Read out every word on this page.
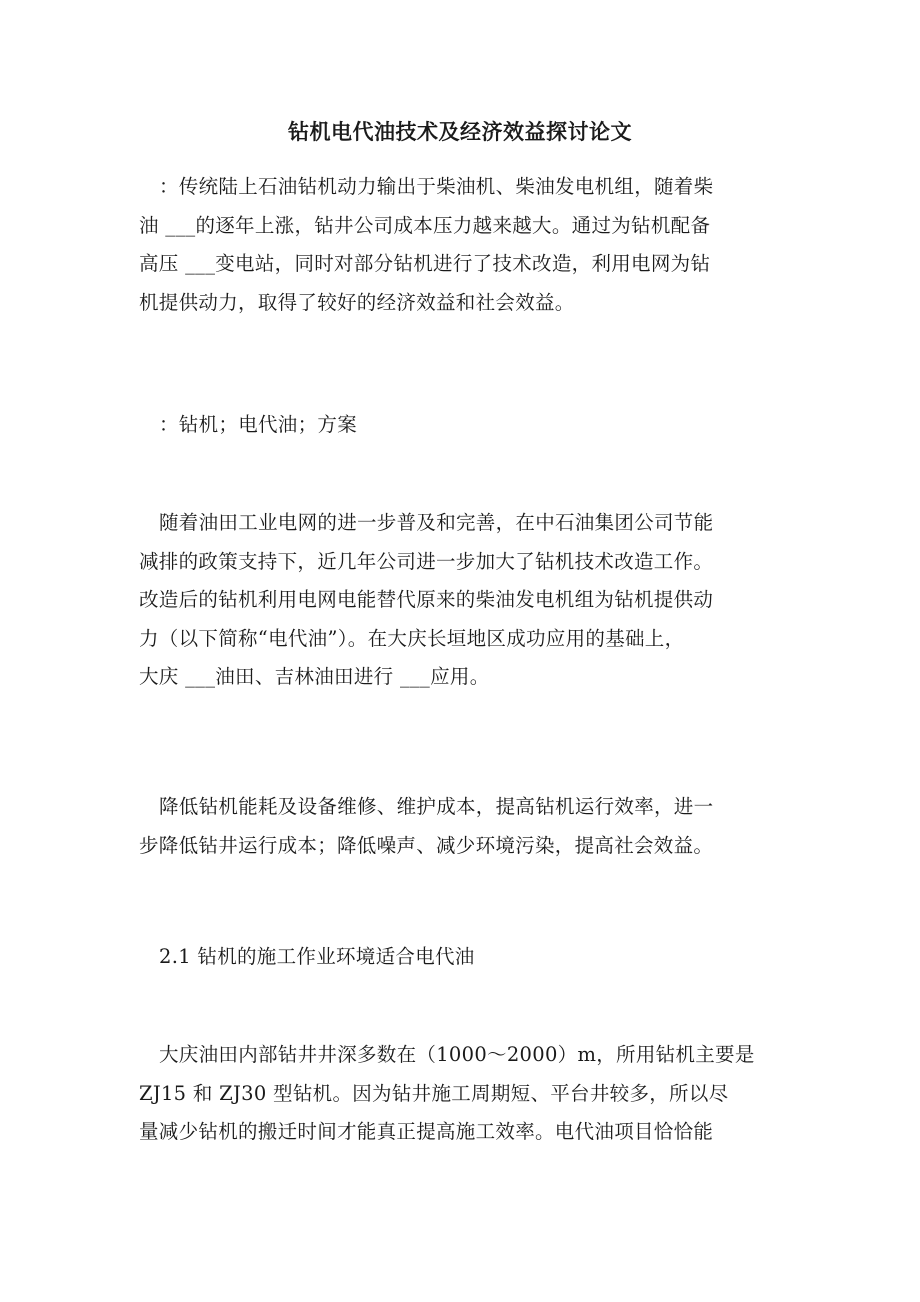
钻机电代油技术及经济效益探讨论文
：传统陆上石油钻机动力输出于柴油机、柴油发电机组，随着柴
油 ___的逐年上涨，钻井公司成本压力越来越大。通过为钻机配备
高压 ___变电站，同时对部分钻机进行了技术改造，利用电网为钻
机提供动力，取得了较好的经济效益和社会效益。
：钻机；电代油；方案
随着油田工业电网的进一步普及和完善，在中石油集团公司节能
减排的政策支持下，近几年公司进一步加大了钻机技术改造工作。
改造后的钻机利用电网电能替代原来的柴油发电机组为钻机提供动
力（以下简称“电代油”）。在大庆长垣地区成功应用的基础上，
大庆 ___油田、吉林油田进行 ___应用。
降低钻机能耗及设备维修、维护成本，提高钻机运行效率，进一
步降低钻井运行成本；降低噪声、减少环境污染，提高社会效益。
2.1 钻机的施工作业环境适合电代油
大庆油田内部钻井井深多数在（1000～2000）m，所用钻机主要是
ZJ15 和 ZJ30 型钻机。因为钻井施工周期短、平台井较多，所以尽
量减少钻机的搬迁时间才能真正提高施工效率。电代油项目恰恰能
